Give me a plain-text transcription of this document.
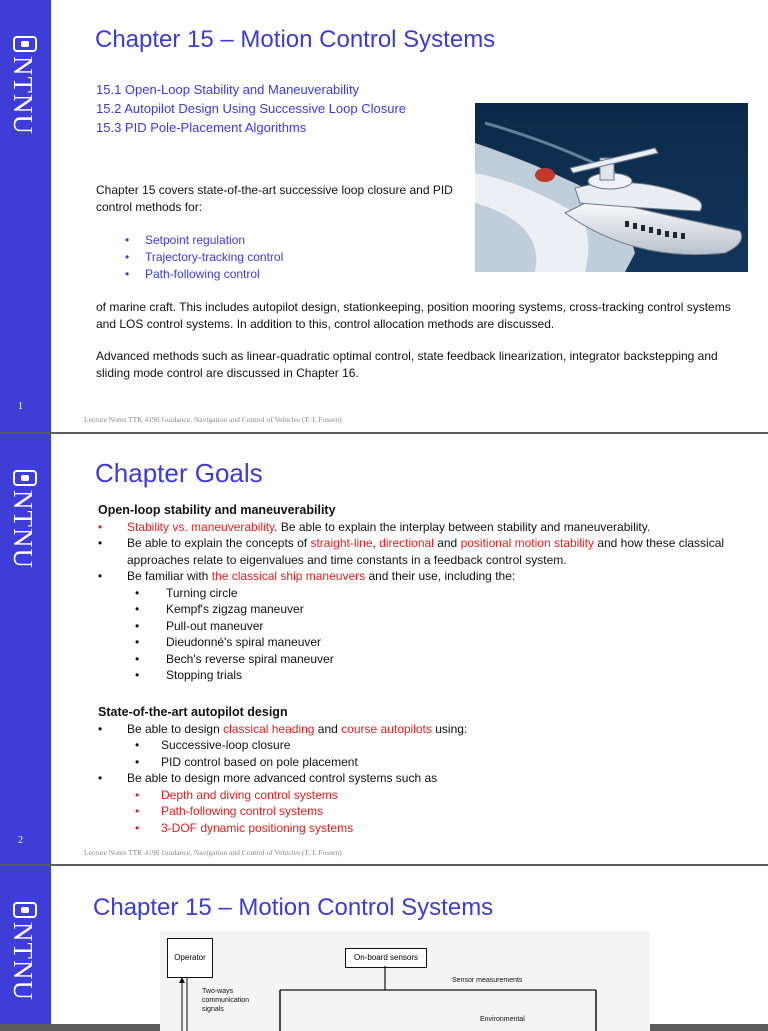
NTNU
1
Chapter 15 – Motion Control Systems
15.1 Open-Loop Stability and Maneuverability
15.2 Autopilot Design Using Successive Loop Closure
15.3 PID Pole-Placement Algorithms
Chapter 15 covers state-of-the-art successive loop closure and PID control methods for:
• Setpoint regulation
• Trajectory-tracking control
• Path-following control
of marine craft. This includes autopilot design, stationkeeping, position mooring systems, cross-tracking control systems and LOS control systems. In addition to this, control allocation methods are discussed.
Advanced methods such as linear-quadratic optimal control, state feedback linearization, integrator backstepping and sliding mode control are discussed in Chapter 16.
Lecture Notes TTK 4190 Guidance, Navigation and Control of Vehicles (T. I. Fossen)
NTNU
2
Chapter Goals
Open-loop stability and maneuverability
• Stability vs. maneuverability. Be able to explain the interplay between stability and maneuverability.
• Be able to explain the concepts of straight-line, directional and positional motion stability and how these classical approaches relate to eigenvalues and time constants in a feedback control system.
• Be familiar with the classical ship maneuvers and their use, including the:
• Turning circle
• Kempf's zigzag maneuver
• Pull-out maneuver
• Dieudonné's spiral maneuver
• Bech's reverse spiral maneuver
• Stopping trials
State-of-the-art autopilot design
• Be able to design classical heading and course autopilots using:
• Successive-loop closure
• PID control based on pole placement
• Be able to design more advanced control systems such as
• Depth and diving control systems
• Path-following control systems
• 3-DOF dynamic positioning systems
Lecture Notes TTK 4190 Guidance, Navigation and Control of Vehicles (T. I. Fossen)
NTNU
Chapter 15 – Motion Control Systems
Operator	On-board sensors
Two-ways communication signals
Sensor measurements
Environmental
